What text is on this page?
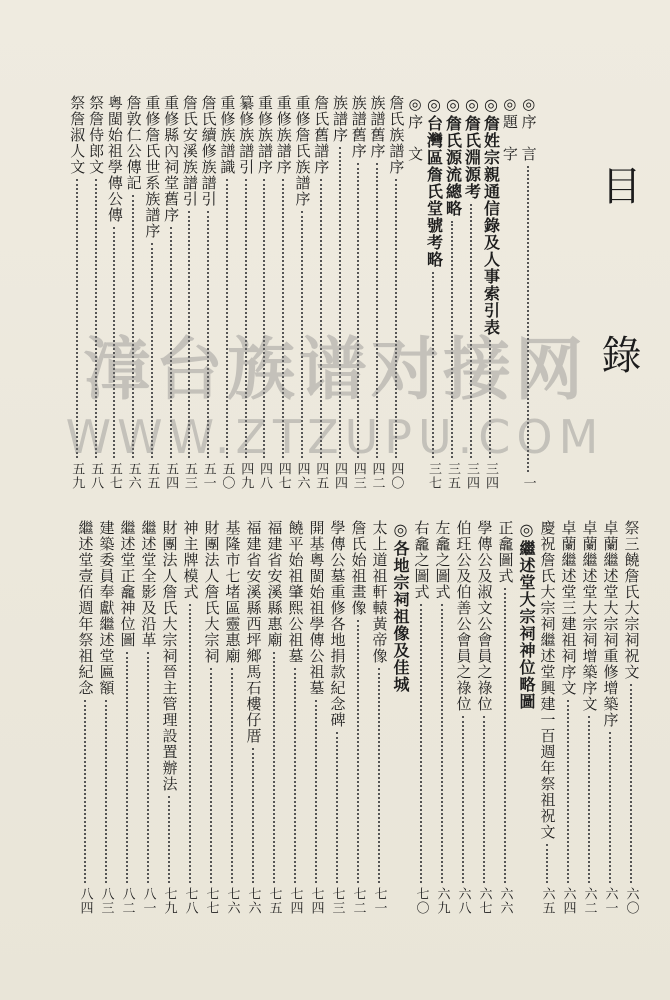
目 錄
◎序　言
一
◎題　字
◎詹姓宗親通信錄及人事索引表
三四
◎詹氏淵源考
三四
◎詹氏源流總略
三五
◎台灣區詹氏堂號考略
三七
◎序　文
詹氏族譜序
四〇
族譜舊序
四二
族譜舊序
四三
族譜序
四四
詹氏舊譜序
四五
重修詹氏族譜序
四六
重修族譜序
四七
重修族譜序
四八
纂修族譜引
四九
重修族譜識
五〇
詹氏續修族譜引
五一
詹氏安溪族譜引
五三
重修縣內祠堂舊序
五四
重修詹氏世系族譜序
五五
詹敦仁公傳記
五六
粵閩始祖學傳公傳
五七
祭詹侍郎文
五八
祭詹淑人文
五九
祭三饒詹氏大宗祠祝文
六〇
卓蘭繼述堂大宗祠重修增築序
六一
卓蘭繼述堂大宗祠增築序文
六二
卓蘭繼述堂三建祖祠序文
六四
慶祝詹氏大宗祠繼述堂興建一百週年祭祖祝文
六五
◎繼述堂大宗祠神位略圖
正龕圖式
六六
學傳公及淑文公會員之祿位
六七
伯玨公及伯善公會員之祿位
六八
左龕之圖式
六九
右龕之圖式
七〇
◎各地宗祠祖像及佳城
太上道祖軒轅黃帝像
七一
詹氏始祖畫像
七二
學傳公墓重修各地捐款紀念碑
七三
開基粵閩始祖學傳公祖墓
七四
饒平始祖肇熙公祖墓
七四
福建省安溪縣惠廟
七五
福建省安溪縣西坪鄉馬石樓仔厝
七六
基隆市七堵區靈惠廟
七六
財團法人詹氏大宗祠
七七
神主牌模式
七八
財團法人詹氏大宗祠晉主管理設置辦法
七九
繼述堂全影及沿革
八一
繼述堂正龕神位圖
八二
建築委員奉獻繼述堂匾額
八三
繼述堂壹佰週年祭祖紀念
八四
漳台族谱对接网
WWW.ZTZUPU.COM
